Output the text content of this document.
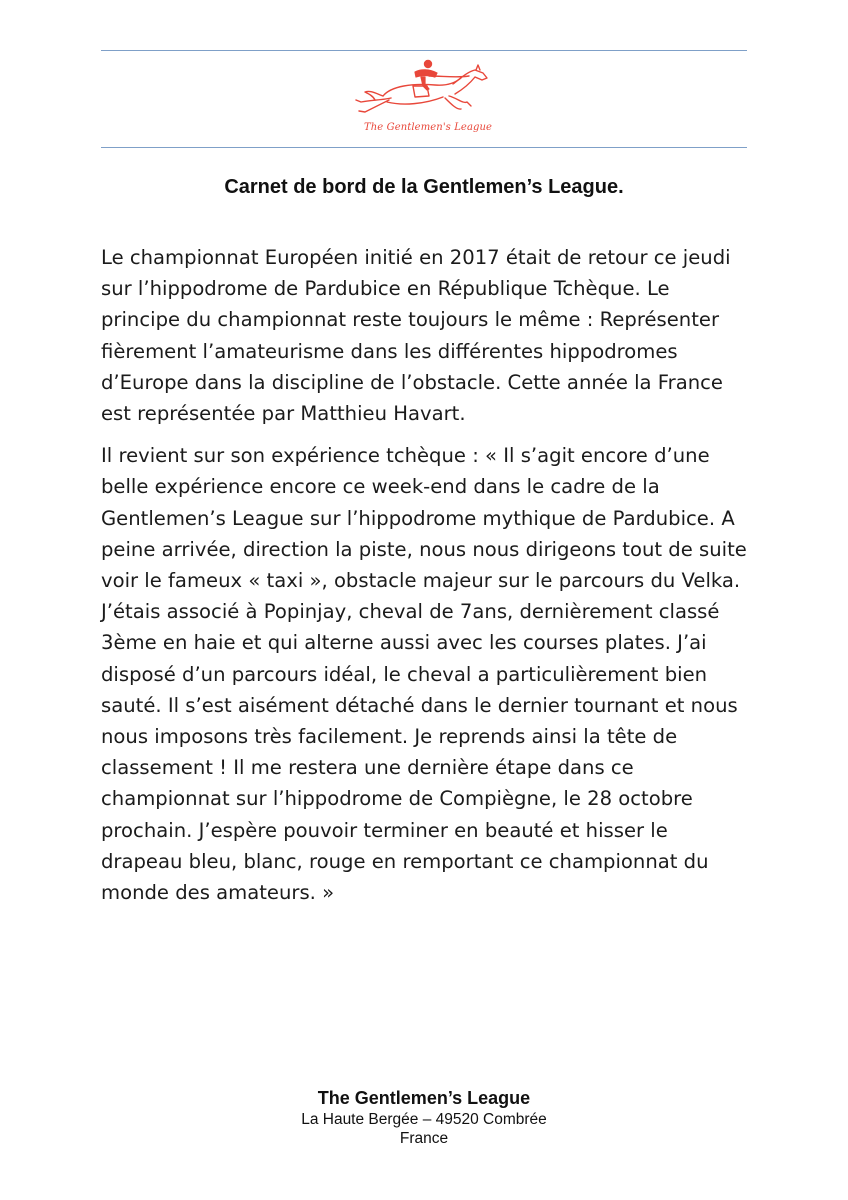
The Gentlemen's League
Carnet de bord de la Gentlemen’s League.

Le championnat Européen initié en 2017 était de retour ce jeudi sur l’hippodrome de Pardubice en République Tchèque. Le principe du championnat reste toujours le même : Représenter fièrement l’amateurisme dans les différentes hippodromes d’Europe dans la discipline de l’obstacle. Cette année la France est représentée par Matthieu Havart.

Il revient sur son expérience tchèque : « Il s’agit encore d’une belle expérience encore ce week-end dans le cadre de la Gentlemen’s League sur l’hippodrome mythique de Pardubice. A peine arrivée, direction la piste, nous nous dirigeons tout de suite voir le fameux « taxi », obstacle majeur sur le parcours du Velka. J’étais associé à Popinjay, cheval de 7ans, dernièrement classé 3ème en haie et qui alterne aussi avec les courses plates. J’ai disposé d’un parcours idéal, le cheval a particulièrement bien sauté. Il s’est aisément détaché dans le dernier tournant et nous nous imposons très facilement. Je reprends ainsi la tête de classement ! Il me restera une dernière étape dans ce championnat sur l’hippodrome de Compiègne, le 28 octobre prochain. J’espère pouvoir terminer en beauté et hisser le drapeau bleu, blanc, rouge en remportant ce championnat du monde des amateurs. »

The Gentlemen’s League
La Haute Bergée – 49520 Combrée
France
